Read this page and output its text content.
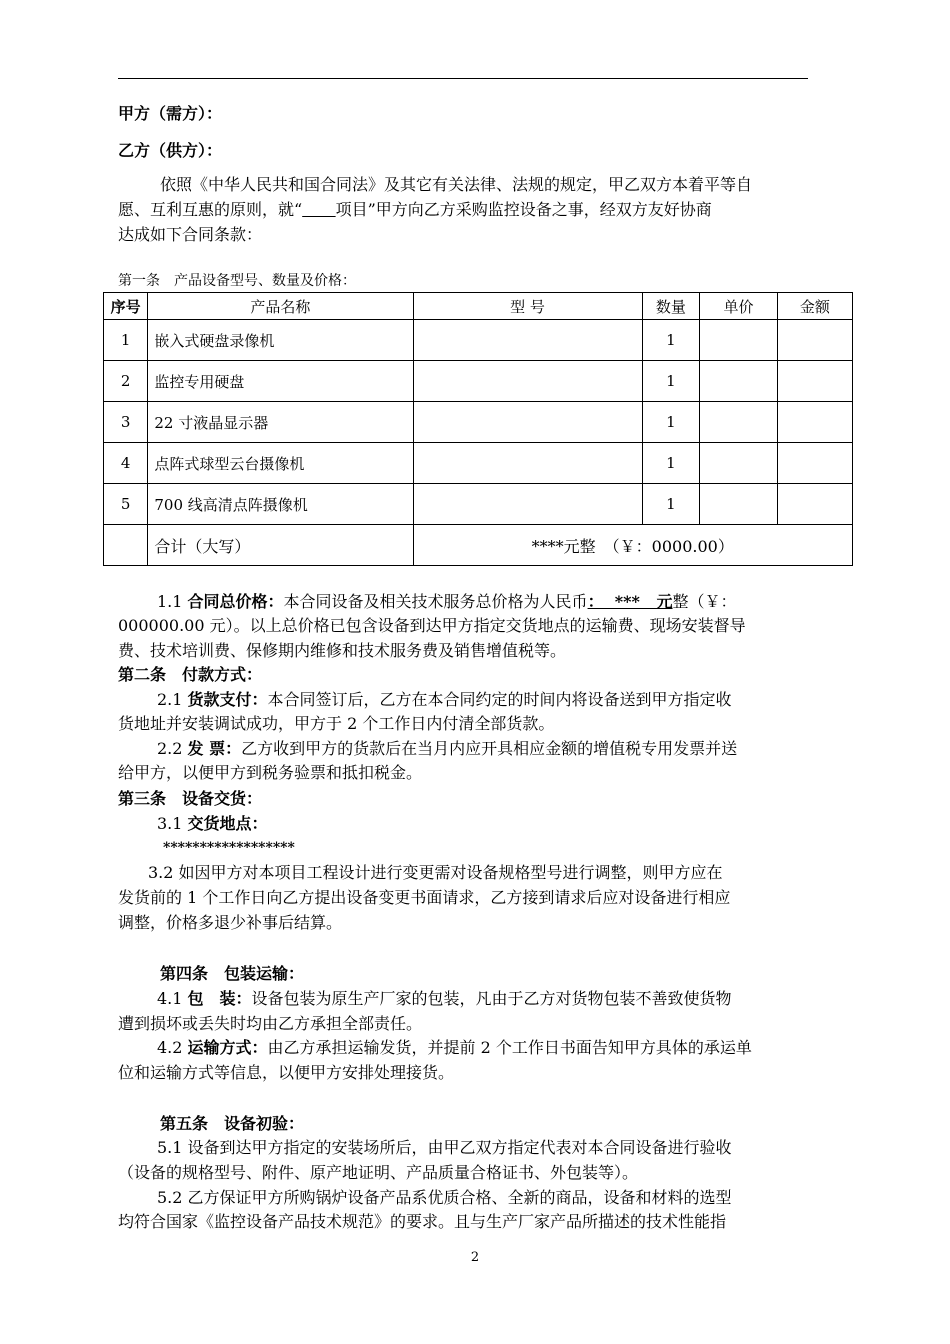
甲方（需方）：
乙方（供方）：
依照《中华人民共和国合同法》及其它有关法律、法规的规定，甲乙双方本着平等自
愿、互利互惠的原则，就“ 项目”甲方向乙方采购监控设备之事，经双方友好协商
达成如下合同条款：
第一条　产品设备型号、数量及价格：
序号	产品名称	型 号	数量	单价	金额
1	嵌入式硬盘录像机		1		
2	监控专用硬盘		1		
3	22 寸液晶显示器		1		
4	点阵式球型云台摄像机		1		
5	700 线高清点阵摄像机		1		
	合计（大写）	****元整　（￥：0000.00）			
1.1 合同总价格：本合同设备及相关技术服务总价格为人民币：  ***   元整（￥：
000000.00 元）。以上总价格已包含设备到达甲方指定交货地点的运输费、现场安装督导
费、技术培训费、保修期内维修和技术服务费及销售增值税等。
第二条　付款方式：
2.1 货款支付：本合同签订后，乙方在本合同约定的时间内将设备送到甲方指定收
货地址并安装调试成功，甲方于 2 个工作日内付清全部货款。
2.2 发 票：乙方收到甲方的货款后在当月内应开具相应金额的增值税专用发票并送
给甲方，以便甲方到税务验票和抵扣税金。
第三条　设备交货：
3.1 交货地点：
******************
3.2 如因甲方对本项目工程设计进行变更需对设备规格型号进行调整，则甲方应在
发货前的 1 个工作日向乙方提出设备变更书面请求，乙方接到请求后应对设备进行相应
调整，价格多退少补事后结算。
第四条　包装运输：
4.1 包　装：设备包装为原生产厂家的包装，凡由于乙方对货物包装不善致使货物
遭到损坏或丢失时均由乙方承担全部责任。
4.2 运输方式：由乙方承担运输发货，并提前 2 个工作日书面告知甲方具体的承运单
位和运输方式等信息，以便甲方安排处理接货。
第五条　设备初验：
5.1 设备到达甲方指定的安装场所后，由甲乙双方指定代表对本合同设备进行验收
（设备的规格型号、附件、原产地证明、产品质量合格证书、外包装等）。
5.2 乙方保证甲方所购锅炉设备产品系优质合格、全新的商品，设备和材料的选型
均符合国家《监控设备产品技术规范》的要求。且与生产厂家产品所描述的技术性能指
2
